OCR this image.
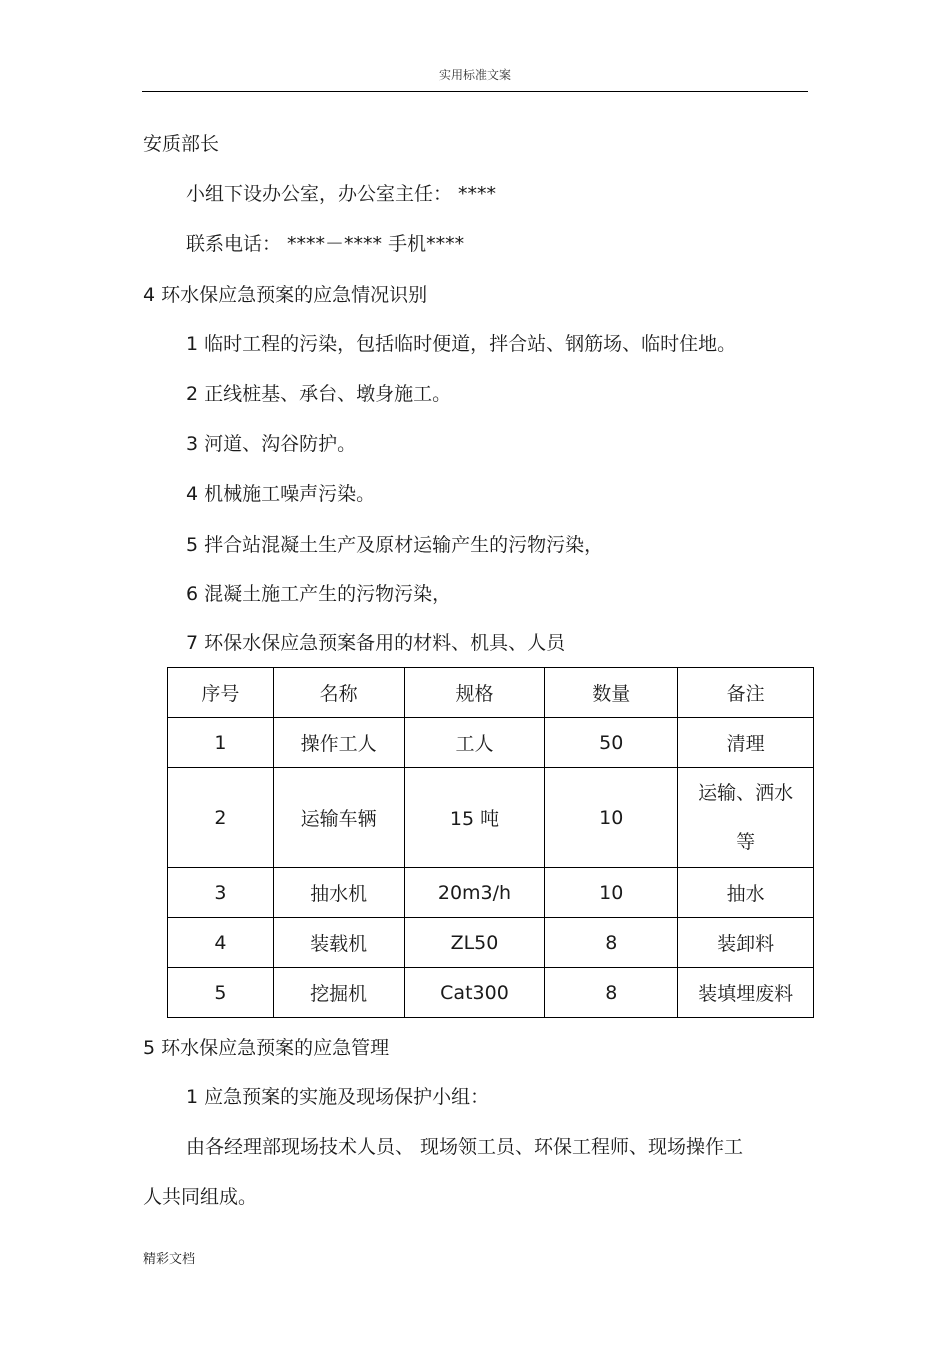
实用标准文案
安质部长
小组下设办公室，办公室主任： ****
联系电话： ****－**** 手机****
4 环水保应急预案的应急情况识别
1 临时工程的污染，包括临时便道，拌合站、钢筋场、临时住地。
2 正线桩基、承台、墩身施工。
3 河道、沟谷防护。
4 机械施工噪声污染。
5 拌合站混凝土生产及原材运输产生的污物污染，
6 混凝土施工产生的污物污染，
7 环保水保应急预案备用的材料、机具、人员
序号	名称	规格	数量	备注
1	操作工人	工人	50	清理
2	运输车辆	15 吨	10	运输、洒水等

3	抽水机	20m3/h	10	抽水
4	装载机	ZL50	8	装卸料
5	挖掘机	Cat300	8	装填埋废料
5 环水保应急预案的应急管理
1 应急预案的实施及现场保护小组：
由各经理部现场技术人员、 现场领工员、环保工程师、现场操作工
人共同组成。
精彩文档
